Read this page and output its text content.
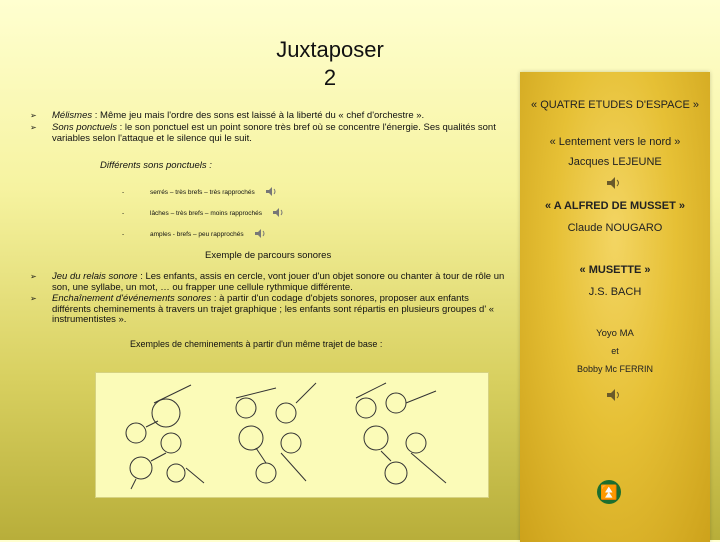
Juxtaposer
2
➢	Mélismes : Même jeu mais l'ordre des sons est laissé à la liberté du « chef d'orchestre ».
➢	Sons ponctuels : le son ponctuel est un point sonore très bref où se concentre l'énergie. Ses qualités sont variables selon l'attaque et le silence qui le suit.
Différents sons ponctuels :
-	serrés – très brefs – très rapprochés
-	lâches – très brefs – moins rapprochés
-	amples - brefs – peu rapprochés
Exemple de parcours sonores
➢	Jeu du relais sonore : Les enfants, assis en cercle, vont jouer d'un objet sonore ou chanter à tour de rôle un son, une syllabe, un mot, … ou frapper une cellule rythmique différente.
➢	Enchaînement d'événements sonores : à partir d'un codage d'objets sonores, proposer aux enfants différents cheminements à travers un trajet graphique ; les enfants sont répartis en plusieurs groupes d' « instrumentistes ».
Exemples de cheminements à partir d'un même trajet de base :
« QUATRE ETUDES D'ESPACE »
« Lentement vers le nord »
Jacques LEJEUNE
« A ALFRED DE MUSSET »
Claude NOUGARO
« MUSETTE »
J.S. BACH
Yoyo MA
et
Bobby Mc FERRIN
⏫
